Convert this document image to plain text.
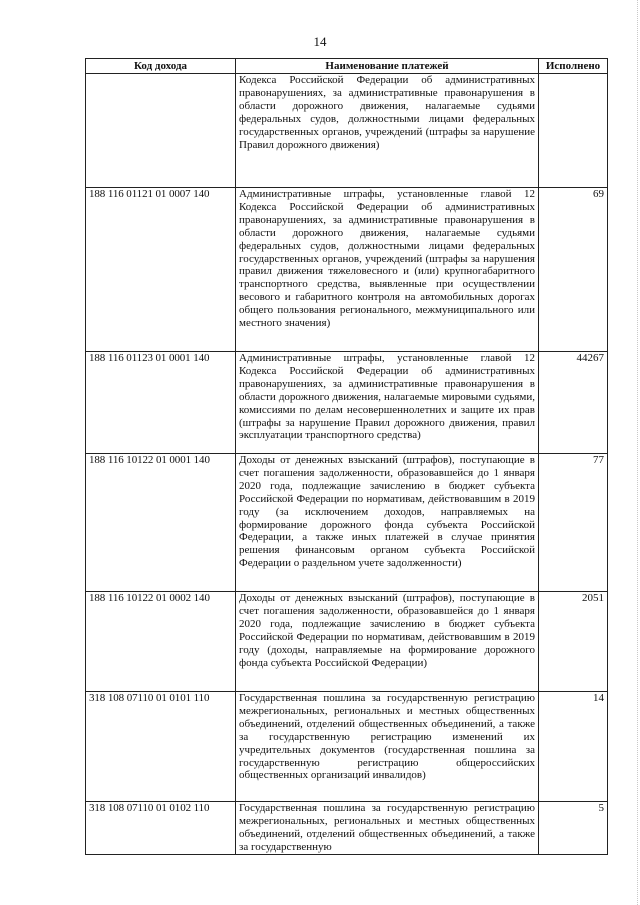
14
Код дохода	Наименование платежей	Исполнено
	Кодекса Российской Федерации об административных правонарушениях, за административные правонарушения в области дорожного движения, налагаемые судьями федеральных судов, должностными лицами федеральных государственных органов, учреждений (штрафы за нарушение Правил дорожного движения)	
188 116 01121 01 0007 140	Административные штрафы, установленные главой 12 Кодекса Российской Федерации об административных правонарушениях, за административные правонарушения в области дорожного движения, налагаемые судьями федеральных судов, должностными лицами федеральных государственных органов, учреждений (штрафы за нарушения правил движения тяжеловесного и (или) крупногабаритного транспортного средства, выявленные при осуществлении весового и габаритного контроля на автомобильных дорогах общего пользования регионального, межмуниципального или местного значения)	69
188 116 01123 01 0001 140	Административные штрафы, установленные главой 12 Кодекса Российской Федерации об административных правонарушениях, за административные правонарушения в области дорожного движения, налагаемые мировыми судьями, комиссиями по делам несовершеннолетних и защите их прав (штрафы за нарушение Правил дорожного движения, правил эксплуатации транспортного средства)	44267
188 116 10122 01 0001 140	Доходы от денежных взысканий (штрафов), поступающие в счет погашения задолженности, образовавшейся до 1 января 2020 года, подлежащие зачислению в бюджет субъекта Российской Федерации по нормативам, действовавшим в 2019 году (за исключением доходов, направляемых на формирование дорожного фонда субъекта Российской Федерации, а также иных платежей в случае принятия решения финансовым органом субъекта Российской Федерации о раздельном учете задолженности)	77
188 116 10122 01 0002 140	Доходы от денежных взысканий (штрафов), поступающие в счет погашения задолженности, образовавшейся до 1 января 2020 года, подлежащие зачислению в бюджет субъекта Российской Федерации по нормативам, действовавшим в 2019 году (доходы, направляемые на формирование дорожного фонда субъекта Российской Федерации)	2051
318 108 07110 01 0101 110	Государственная пошлина за государственную регистрацию межрегиональных, региональных и местных общественных объединений, отделений общественных объединений, а также за государственную регистрацию изменений их учредительных документов (государственная пошлина за государственную регистрацию общероссийских общественных организаций инвалидов)	14
318 108 07110 01 0102 110	Государственная пошлина за государственную регистрацию межрегиональных, региональных и местных общественных объединений, отделений общественных объединений, а также за государственную	5
